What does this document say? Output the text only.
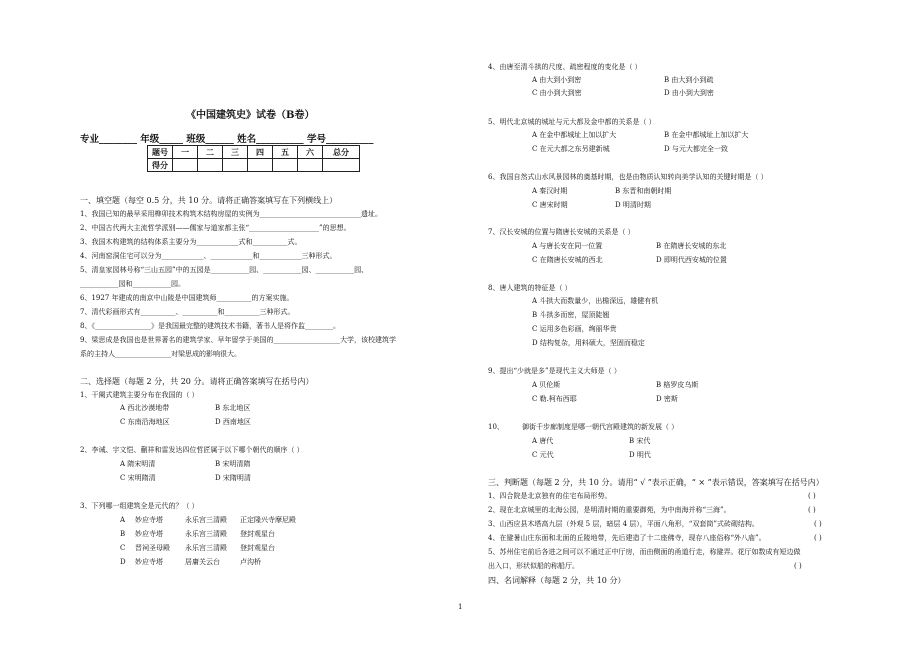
《中国建筑史》试卷（B卷）
专业________ 年级_____ 班级______ 姓名__________ 学号__________
题号	一	二	三	四	五	六	总分
得分							
一、填空题（每空 0.5 分，共 10 分。请将正确答案填写在下列横线上）
1、我国已知的最早采用榫卯技术构筑木结构房屋的实例为_____________________________遗址。
2、中国古代两大主流哲学派别——儒家与道家都主张“____________________”的思想。
3、我国木构建筑的结构体系主要分为____________式和__________式。
4、河南窑洞住宅可以分为____________、____________和____________三种形式。
5、清皇家园林号称“三山五园”中的五园是___________园、___________园、___________园、
___________园和___________园。
6、1927 年建成的南京中山陵是中国建筑师__________的方案实施。
7、清代彩画形式有__________、__________和__________三种形式。
8、《________________》是我国最完整的建筑技术书籍，著书人是将作监________。
9、梁思成是我国也是世界著名的建筑学家、早年留学于美国的___________________大学，该校建筑学
系的主持人________________对梁思成的影响很大。
二、选择题（每题 2 分，共 20 分。请将正确答案填写在括号内）
1、干阑式建筑主要分布在我国的（ ）
A 西北沙漠地带	B 东北地区
C 东南沿海地区	D 西南地区
2、李诫、宇文恺、蒯祥和雷发达四位哲匠属于以下哪个朝代的顺序（ ）
A 隋宋明清	B 宋明清隋
C 宋明隋清	D 宋隋明清
3、下列哪一组建筑全是元代的？（ ）
A 妙应寺塔	永乐宫三清殿 正定隆兴寺摩尼殿
B 妙应寺塔	永乐宫三清殿 登封观星台
C 晋祠圣母殿 永乐宫三清殿 登封观星台
D 妙应寺塔	居庸关云台	卢沟桥
4、由唐至清斗拱的尺度、疏密程度的变化是（ ）
A 由大到小到密	B 由大到小到疏
C 由小到大到密	D 由小到大到密
5、明代北京城的城址与元大都及金中都的关系是（ ）
A 在金中都城址上加以扩大	B 在金中都城址上加以扩大
C 在元大都之东另建新城	D 与元大都完全一致
6、我国自然式山水风景园林的奠基时期，也是由物质认知转向美学认知的关键时期是（ ）
A 秦汉时期	B 东晋和南朝时期
C 唐宋时期	D 明清时期
7、汉长安城的位置与隋唐长安城的关系是（ ）
A 与唐长安在同一位置	B 在隋唐长安城的东北
C 在隋唐长安城的西北	D 即明代西安城的位置
8、唐人建筑的特征是（ ）
A 斗拱大而数量少，出檐深远，雄健有机
B 斗拱多而密，屋顶陡翘
C 运用多色彩画，绚丽华贵
D 结构复杂，用料硕大，坚固而稳定
9、提出“少就是多”是现代主义大师是（ ）
A 贝伦斯	B 格罗皮乌斯
C 勒.柯布西耶	D 密斯
10、	御街千步廊制度是哪一朝代宫殿建筑的新发展（ ）
A 唐代	B 宋代
C 元代	D 明代
三、判断题（每题 2 分，共 10 分。请用“ √ ”表示正确，“ × ”表示错误，答案填写在括号内）
1、四合院是北京独有的住宅布局形势。	( )
2、现在北京城里的北海公园，是明清时期的重要御苑，为中南海并称“三海”。	( )
3、山西应县木塔高九层（外观 5 层，暗层 4 层），平面八角形，“双套筒”式砖砌结构。	( )
4、在避暑山庄东面和北面的丘陵地带，先后建造了十二座佛寺，现存八座俗称“外八庙”。	( )
5、苏州住宅前后各进之间可以不通过正中厅房，而由侧面的甬道行走，称避弄。花厅如数成有短边做
出入口，形状似船的称船厅。	( )
四、名词解释（每题 2 分，共 10 分）
1
